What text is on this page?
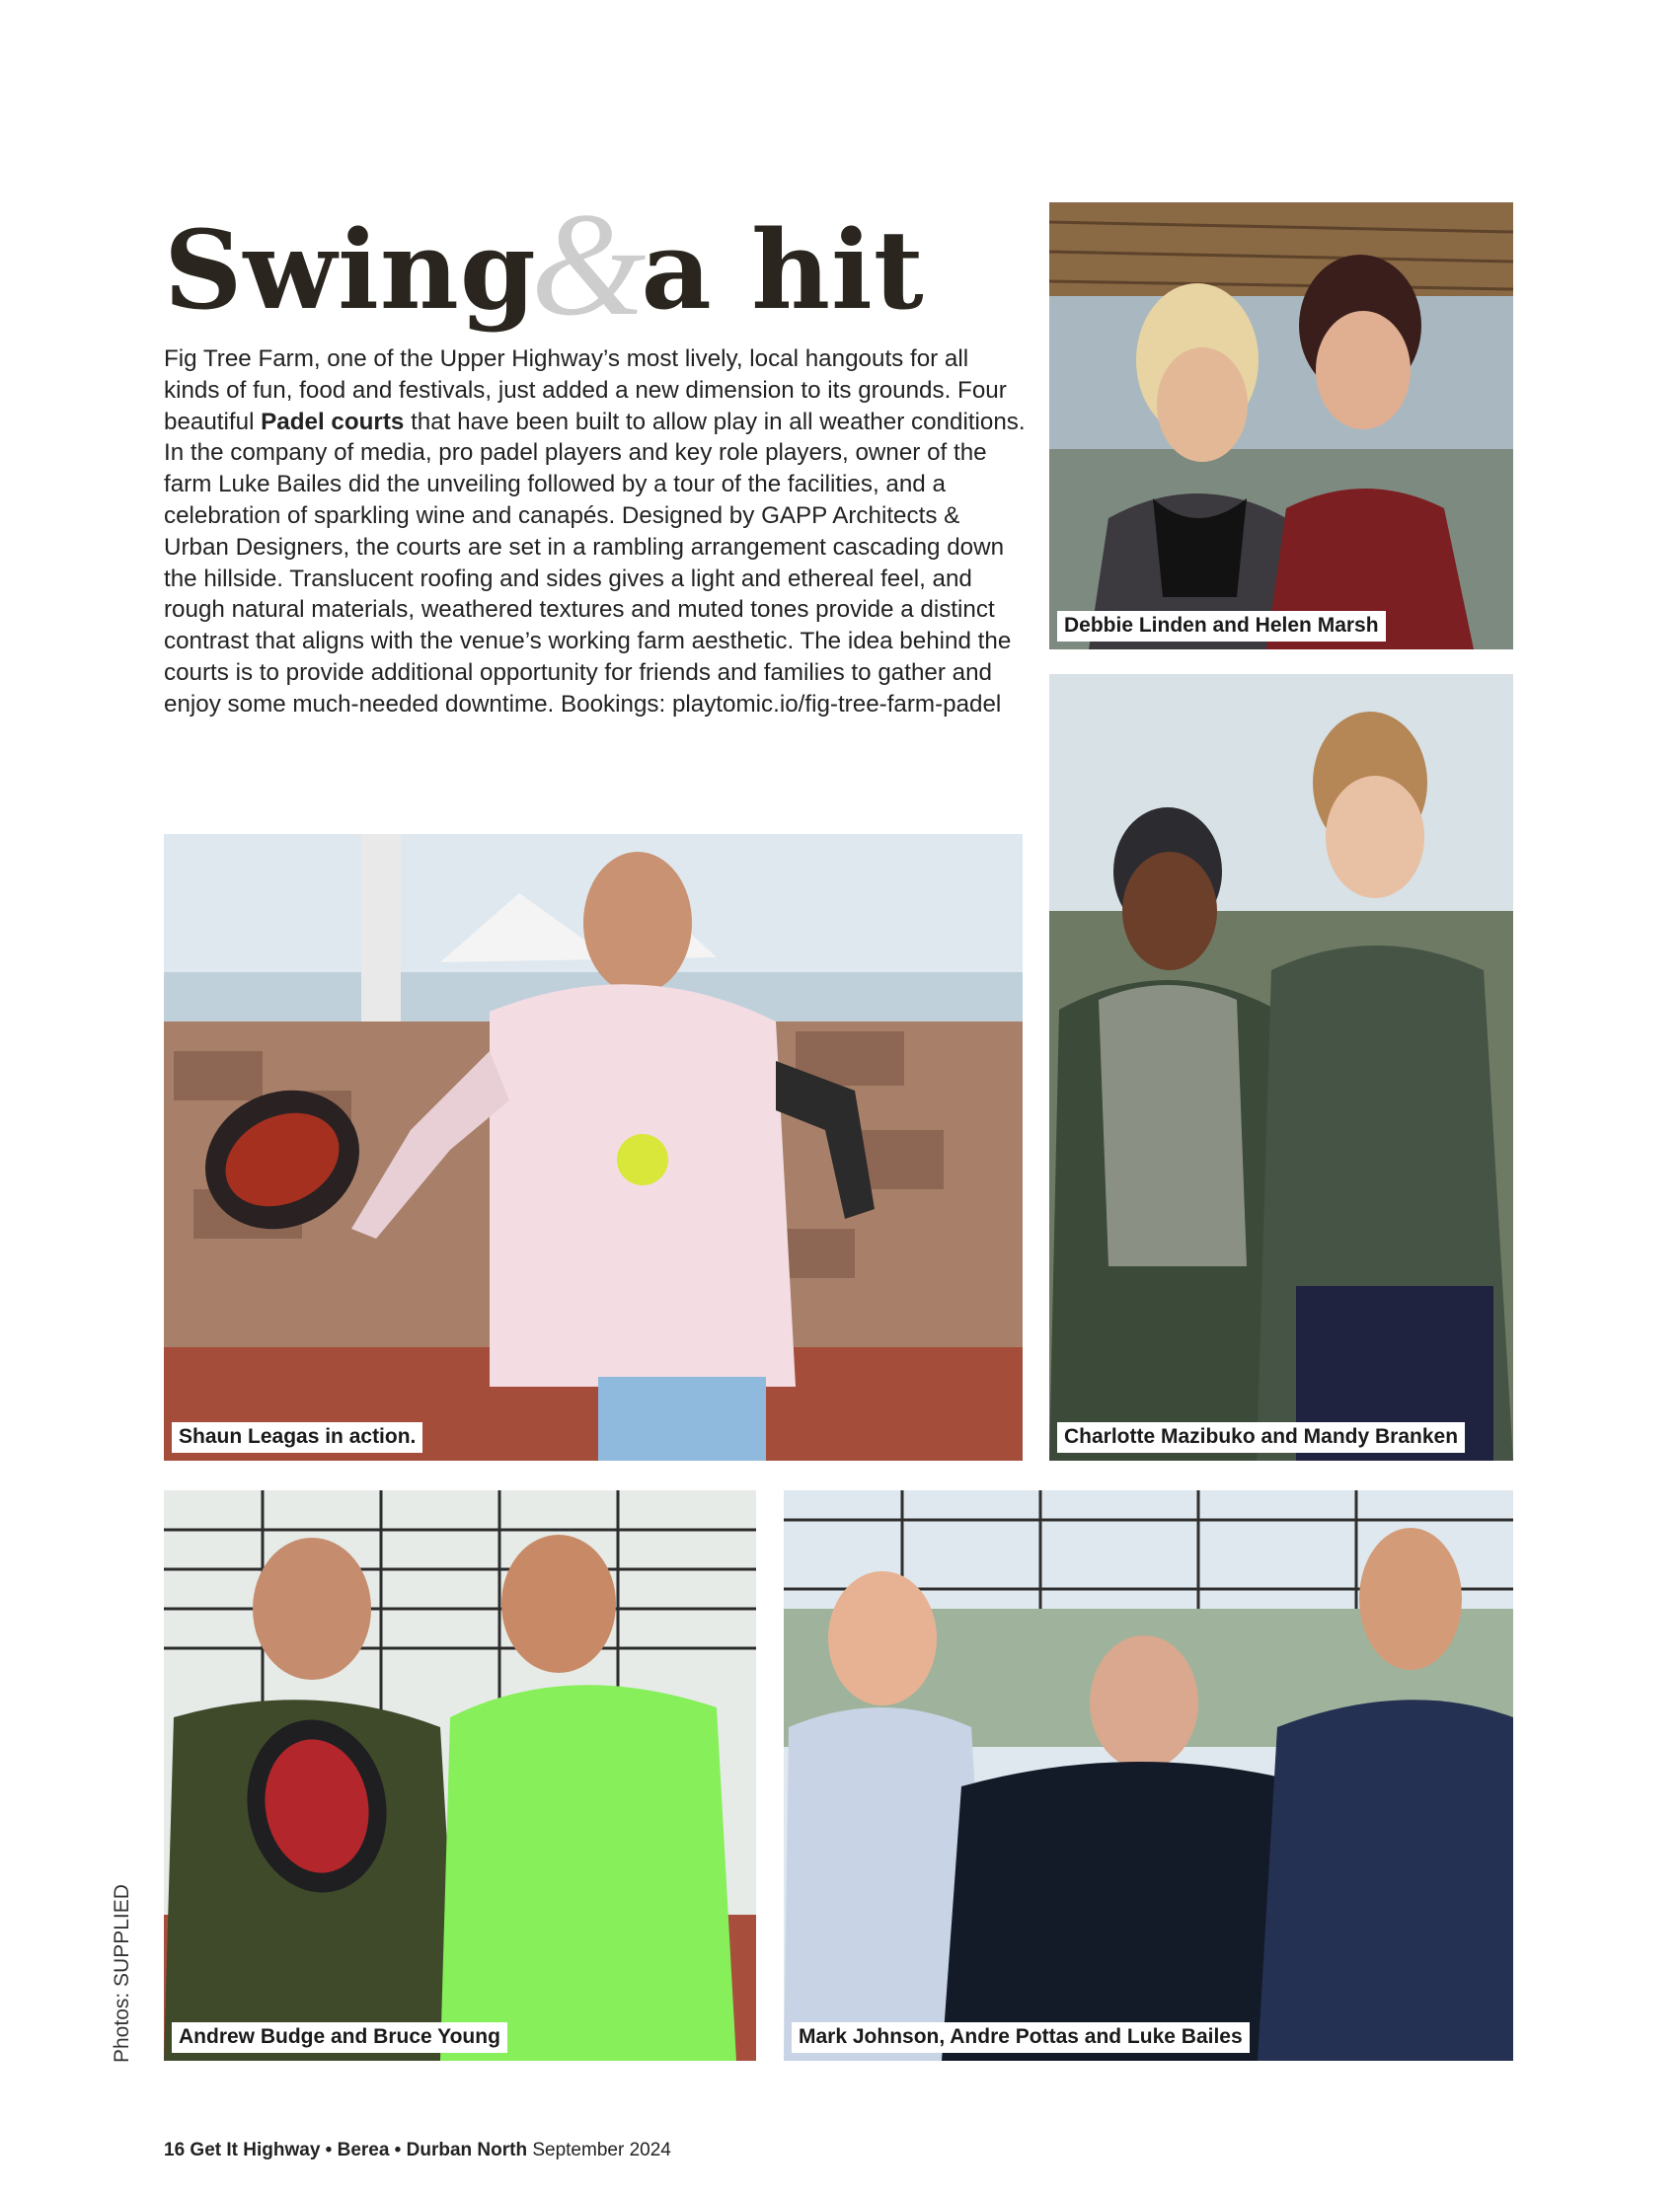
Swing&a hit

Fig Tree Farm, one of the Upper Highway’s most lively, local hangouts for all kinds of fun, food and festivals, just added a new dimension to its grounds. Four beautiful Padel courts that have been built to allow play in all weather conditions. In the company of media, pro padel players and key role players, owner of the farm Luke Bailes did the unveiling followed by a tour of the facilities, and a celebration of sparkling wine and canapés. Designed by GAPP Architects & Urban Designers, the courts are set in a rambling arrangement cascading down the hillside. Translucent roofing and sides gives a light and ethereal feel, and rough natural materials, weathered textures and muted tones provide a distinct contrast that aligns with the venue’s working farm aesthetic. The idea behind the courts is to provide additional opportunity for friends and families to gather and enjoy some much-needed downtime. Bookings: playtomic.io/fig-tree-farm-padel

Debbie Linden and Helen Marsh
Shaun Leagas in action.	Charlotte Mazibuko and Mandy Branken
Andrew Budge and Bruce Young	Mark Johnson, Andre Pottas and Luke Bailes
Photos: SUPPLIED
16 Get It Highway • Berea • Durban North September 2024
